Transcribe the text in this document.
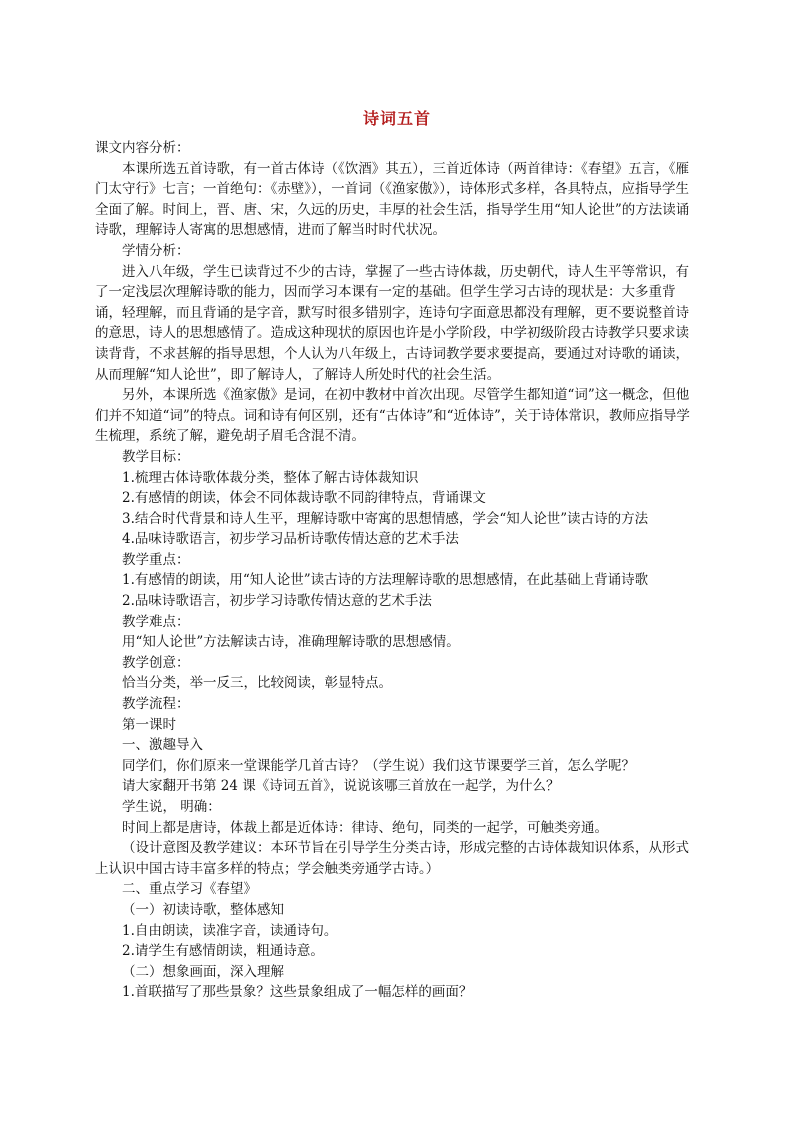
诗词五首

课文内容分析：

本课所选五首诗歌，有一首古体诗（《饮酒》其五），三首近体诗（两首律诗：《春望》五言，《雁门太守行》七言；一首绝句：《赤壁》），一首词（《渔家傲》），诗体形式多样，各具特点，应指导学生全面了解。时间上，晋、唐、宋，久远的历史，丰厚的社会生活，指导学生用“知人论世”的方法读诵诗歌，理解诗人寄寓的思想感情，进而了解当时时代状况。

学情分析：

进入八年级，学生已读背过不少的古诗，掌握了一些古诗体裁，历史朝代，诗人生平等常识，有了一定浅层次理解诗歌的能力，因而学习本课有一定的基础。但学生学习古诗的现状是：大多重背诵，轻理解，而且背诵的是字音，默写时很多错别字，连诗句字面意思都没有理解，更不要说整首诗的意思，诗人的思想感情了。造成这种现状的原因也许是小学阶段，中学初级阶段古诗教学只要求读读背背，不求甚解的指导思想，个人认为八年级上，古诗词教学要求要提高，要通过对诗歌的诵读，从而理解“知人论世”，即了解诗人，了解诗人所处时代的社会生活。

另外，本课所选《渔家傲》是词，在初中教材中首次出现。尽管学生都知道“词”这一概念，但他们并不知道“词”的特点。词和诗有何区别，还有“古体诗”和“近体诗”，关于诗体常识，教师应指导学生梳理，系统了解，避免胡子眉毛含混不清。

教学目标：

1.梳理古体诗歌体裁分类，整体了解古诗体裁知识

2.有感情的朗读，体会不同体裁诗歌不同韵律特点，背诵课文

3.结合时代背景和诗人生平，理解诗歌中寄寓的思想情感，学会“知人论世”读古诗的方法

4.品味诗歌语言，初步学习品析诗歌传情达意的艺术手法

教学重点：

1.有感情的朗读，用“知人论世”读古诗的方法理解诗歌的思想感情，在此基础上背诵诗歌

2.品味诗歌语言，初步学习诗歌传情达意的艺术手法

教学难点：

用“知人论世”方法解读古诗，准确理解诗歌的思想感情。

教学创意：

恰当分类，举一反三，比较阅读，彰显特点。

教学流程：

第一课时

一、激趣导入

同学们，你们原来一堂课能学几首古诗？（学生说）我们这节课要学三首，怎么学呢？

请大家翻开书第 24 课《诗词五首》，说说该哪三首放在一起学，为什么？

学生说， 明确：

时间上都是唐诗，体裁上都是近体诗：律诗、绝句，同类的一起学，可触类旁通。

（设计意图及教学建议：本环节旨在引导学生分类古诗，形成完整的古诗体裁知识体系，从形式上认识中国古诗丰富多样的特点；学会触类旁通学古诗。）

二、重点学习《春望》

（一）初读诗歌，整体感知

1.自由朗读，读准字音，读通诗句。

2.请学生有感情朗读，粗通诗意。

（二）想象画面，深入理解

1.首联描写了那些景象？这些景象组成了一幅怎样的画面？
